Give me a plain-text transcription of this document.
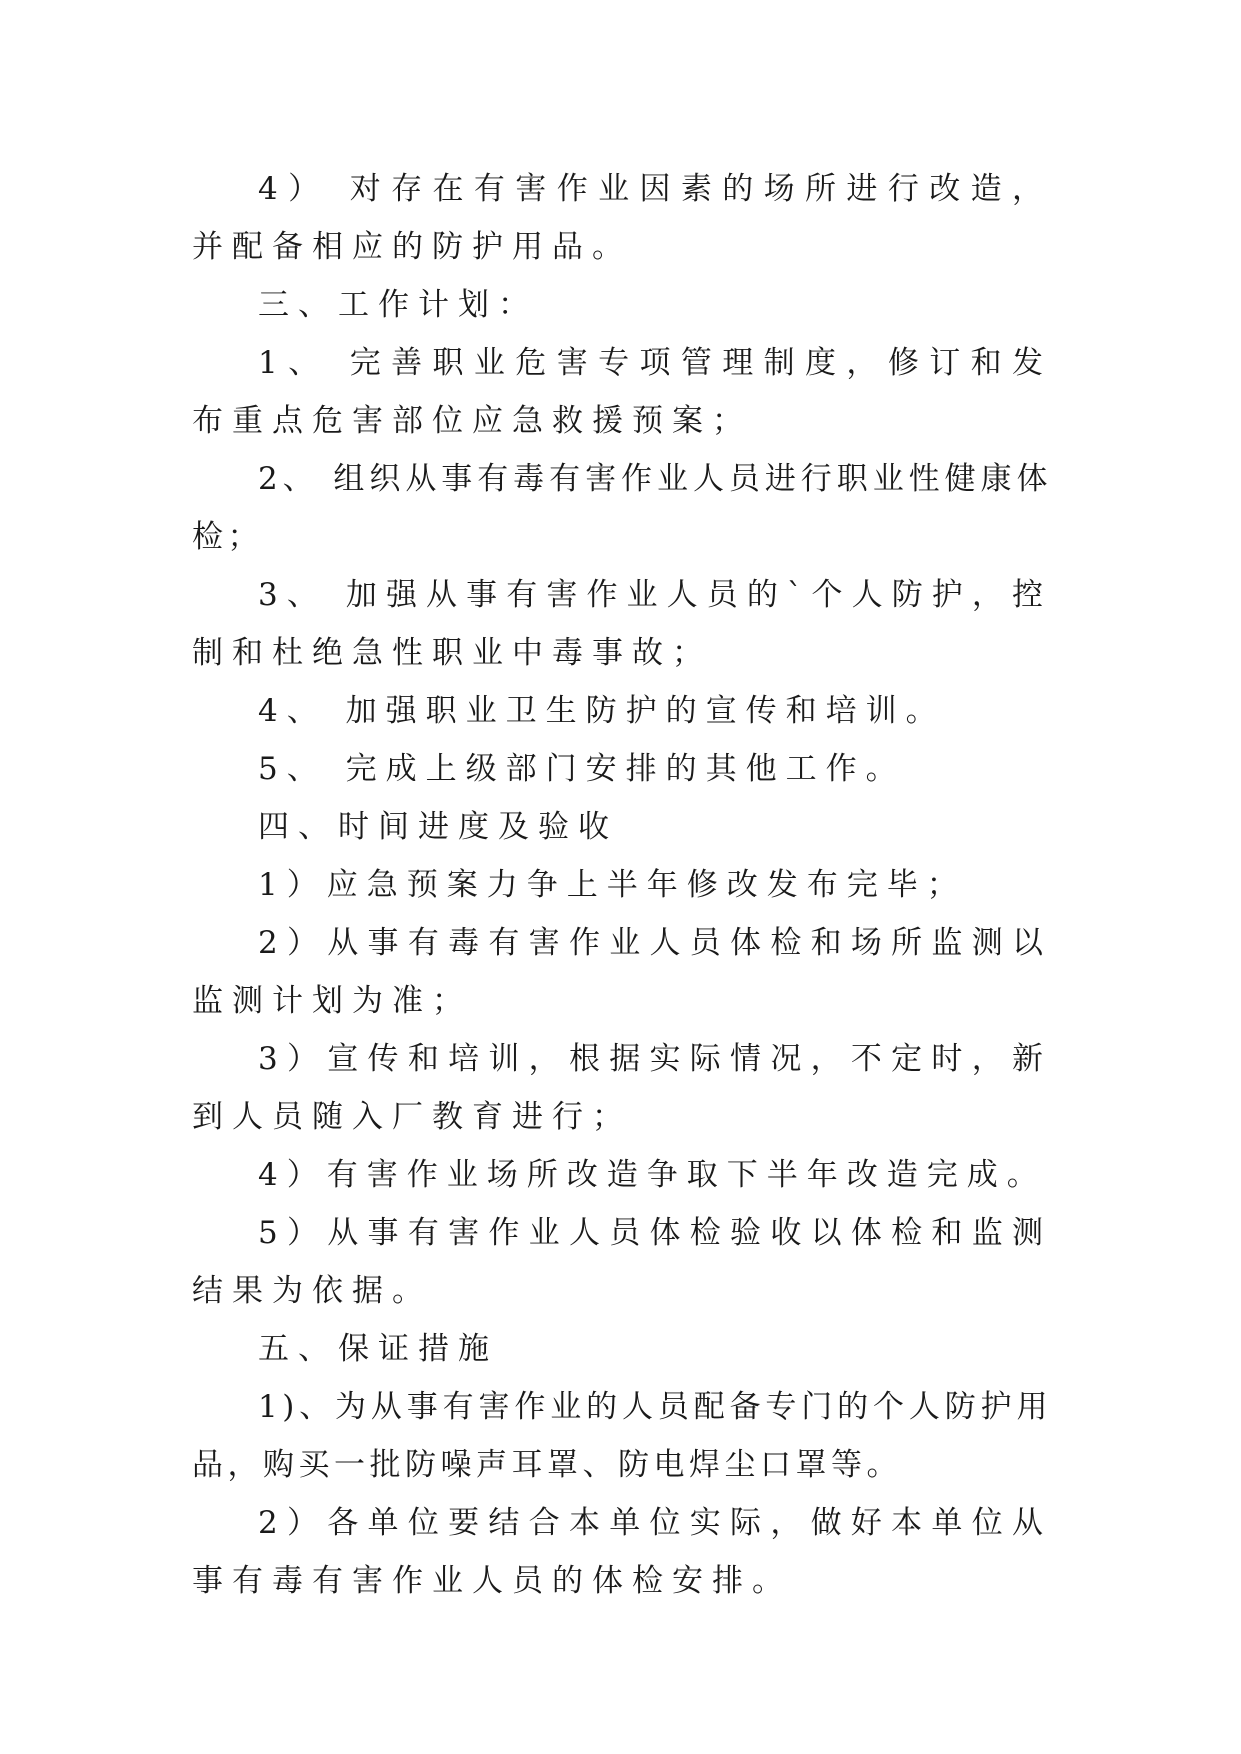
4） 对存在有害作业因素的场所进行改造，并配备相应的防护用品。

三、工作计划：

1、 完善职业危害专项管理制度，修订和发布重点危害部位应急救援预案；

2、 组织从事有毒有害作业人员进行职业性健康体检；

3、 加强从事有害作业人员的`个人防护，控制和杜绝急性职业中毒事故；

4、 加强职业卫生防护的宣传和培训。

5、 完成上级部门安排的其他工作。

四、时间进度及验收

1）应急预案力争上半年修改发布完毕；

2）从事有毒有害作业人员体检和场所监测以监测计划为准；

3）宣传和培训，根据实际情况，不定时，新到人员随入厂教育进行；

4）有害作业场所改造争取下半年改造完成。

5）从事有害作业人员体检验收以体检和监测结果为依据。

五、保证措施

1)、为从事有害作业的人员配备专门的个人防护用品，购买一批防噪声耳罩、防电焊尘口罩等。

2）各单位要结合本单位实际，做好本单位从事有毒有害作业人员的体检安排。
